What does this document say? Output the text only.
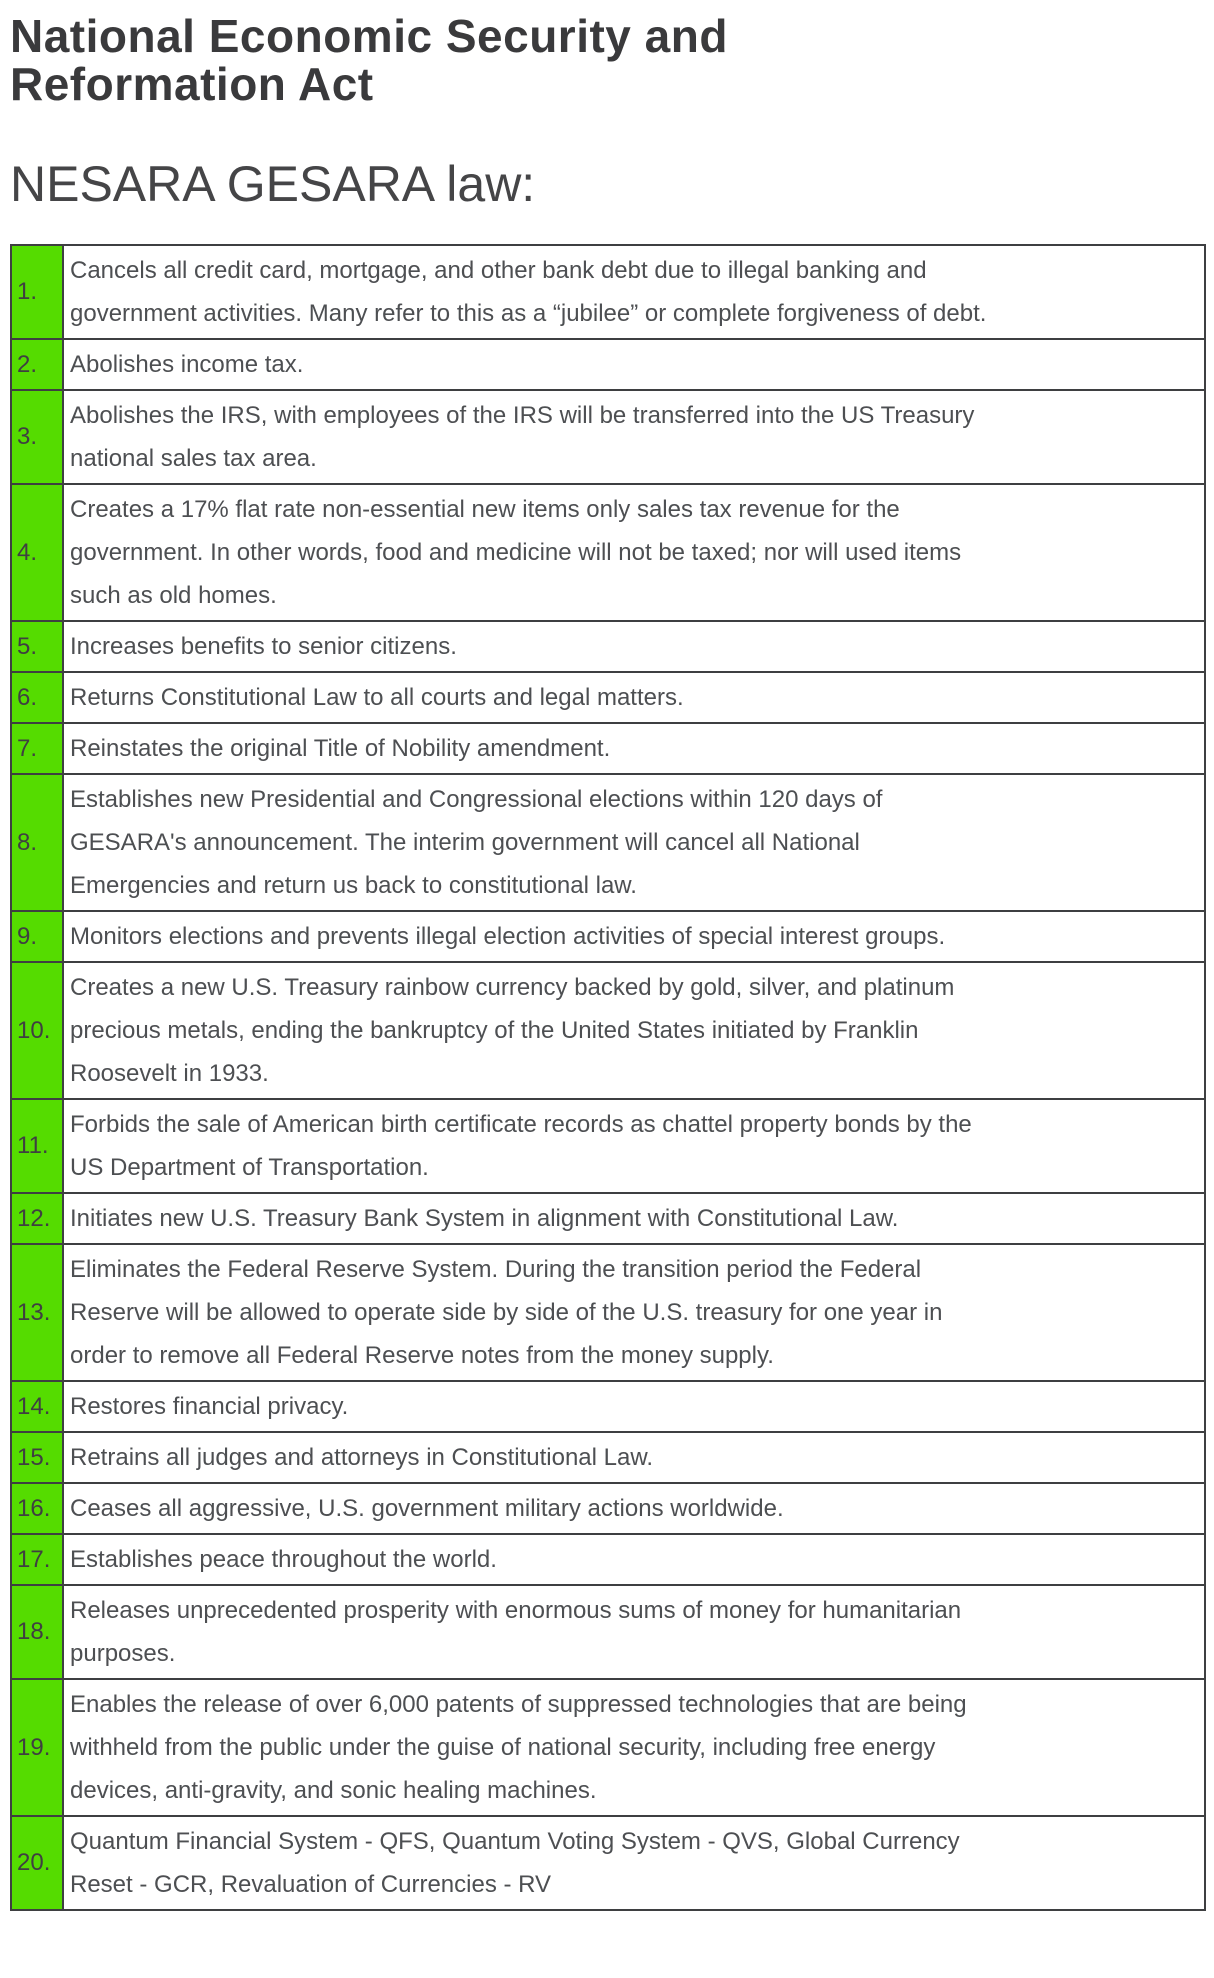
National Economic Security and Reformation Act
NESARA GESARA law:
1.	Cancels all credit card, mortgage, and other bank debt due to illegal banking and government activities. Many refer to this as a “jubilee” or complete forgiveness of debt.

2.	Abolishes income tax.

3.	Abolishes the IRS, with employees of the IRS will be transferred into the US Treasury national sales tax area.

4.	Creates a 17% flat rate non-essential new items only sales tax revenue for the government. In other words, food and medicine will not be taxed; nor will used items such as old homes.

5.	Increases benefits to senior citizens.

6.	Returns Constitutional Law to all courts and legal matters.

7.	Reinstates the original Title of Nobility amendment.

8.	Establishes new Presidential and Congressional elections within 120 days of GESARA's announcement. The interim government will cancel all National Emergencies and return us back to constitutional law.

9.	Monitors elections and prevents illegal election activities of special interest groups.

10.	Creates a new U.S. Treasury rainbow currency backed by gold, silver, and platinum precious metals, ending the bankruptcy of the United States initiated by Franklin Roosevelt in 1933.

11.	Forbids the sale of American birth certificate records as chattel property bonds by the US Department of Transportation.

12.	Initiates new U.S. Treasury Bank System in alignment with Constitutional Law.

13.	Eliminates the Federal Reserve System. During the transition period the Federal Reserve will be allowed to operate side by side of the U.S. treasury for one year in order to remove all Federal Reserve notes from the money supply.

14.	Restores financial privacy.

15.	Retrains all judges and attorneys in Constitutional Law.

16.	Ceases all aggressive, U.S. government military actions worldwide.

17.	Establishes peace throughout the world.

18.	Releases unprecedented prosperity with enormous sums of money for humanitarian purposes.

19.	Enables the release of over 6,000 patents of suppressed technologies that are being withheld from the public under the guise of national security, including free energy devices, anti-gravity, and sonic healing machines.

20.	Quantum Financial System - QFS, Quantum Voting System - QVS, Global Currency Reset - GCR, Revaluation of Currencies - RV
